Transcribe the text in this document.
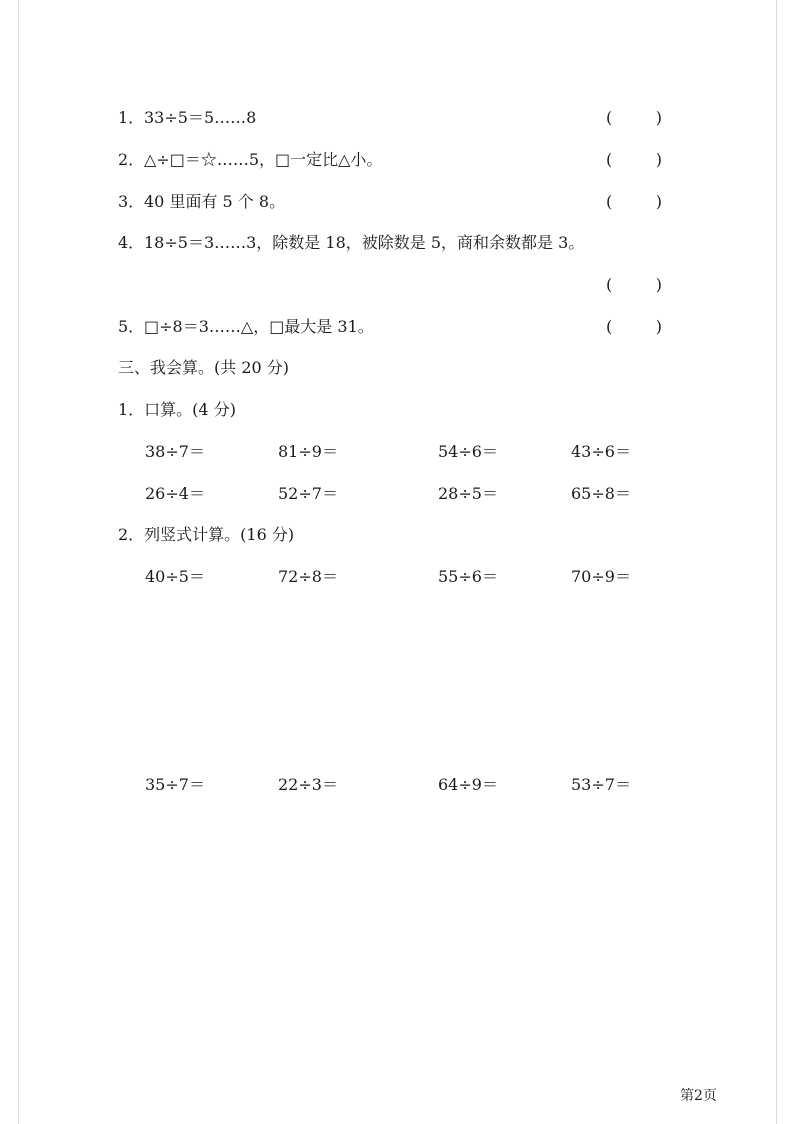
1． 33÷5＝5……8	(	)
2． △÷□＝☆……5，□一定比△小。	(	)
3． 40 里面有 5 个 8。	(	)
4． 18÷5＝3……3，除数是 18，被除数是 5，商和余数都是 3。
(	)
5． □÷8＝3……△，□最大是 31。	(	)
三、我会算。(共 20 分)
1．口算。(4 分)
38÷7＝	81÷9＝	54÷6＝	43÷6＝
26÷4＝	52÷7＝	28÷5＝	65÷8＝
2．列竖式计算。(16 分)
40÷5＝	72÷8＝	55÷6＝	70÷9＝
35÷7＝	22÷3＝	64÷9＝	53÷7＝
第2页
